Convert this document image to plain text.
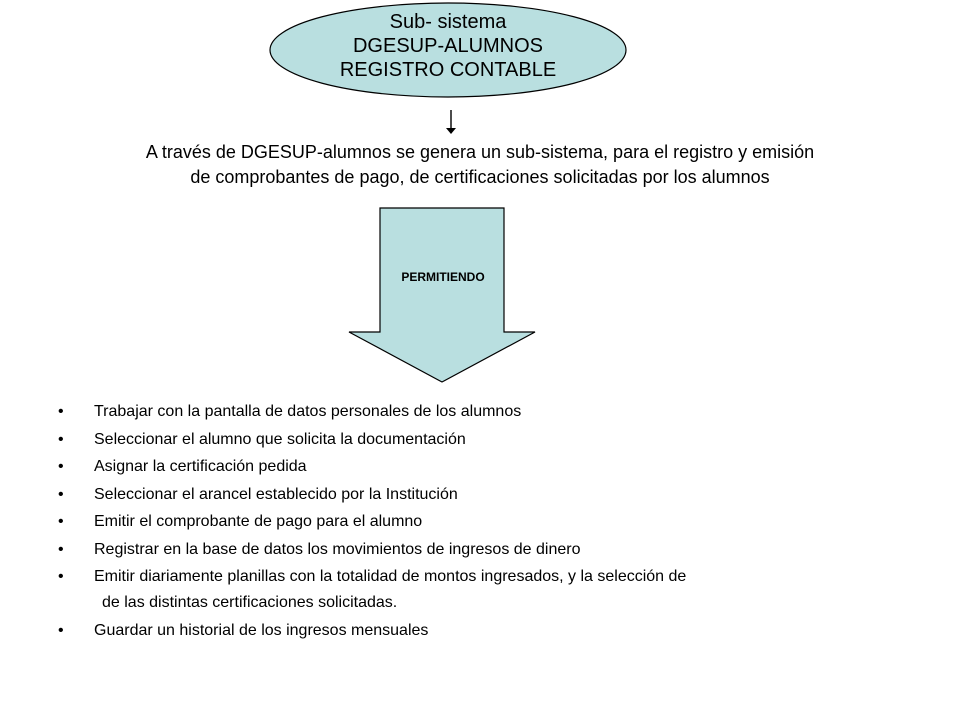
Sub- sistema
DGESUP-ALUMNOS
REGISTRO CONTABLE
A través de DGESUP-alumnos se genera un sub-sistema, para el registro y emisión
de comprobantes de pago, de certificaciones solicitadas por los alumnos
PERMITIENDO
• Trabajar con la pantalla de datos personales de los alumnos
• Seleccionar el alumno que solicita la documentación
• Asignar la certificación pedida
• Seleccionar el arancel establecido por la Institución
• Emitir el comprobante de pago para el alumno
• Registrar en la base de datos los movimientos de ingresos de dinero
• Emitir diariamente planillas con la totalidad de montos ingresados, y la selección de
de las distintas certificaciones solicitadas.
• Guardar un historial de los ingresos mensuales
